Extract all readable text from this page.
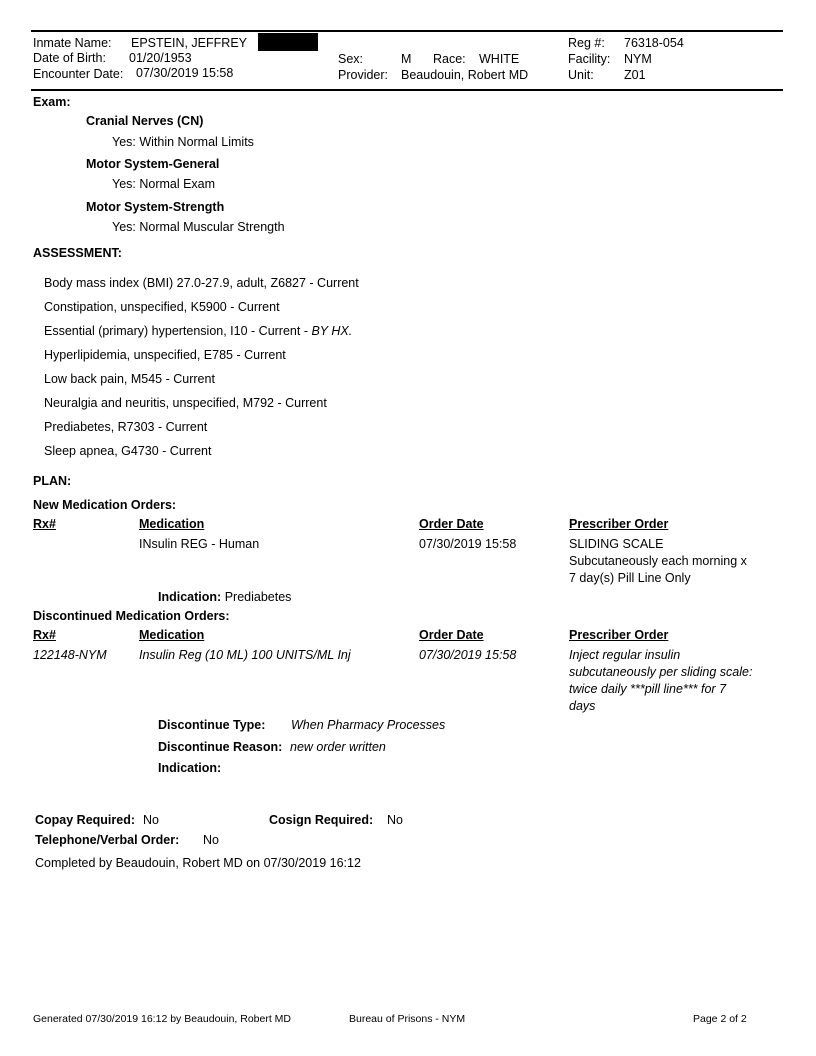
Inmate Name: EPSTEIN, JEFFREY
Date of Birth: 01/20/1953
Encounter Date: 07/30/2019 15:58
Sex:	M Race: WHITE
Provider: Beaudouin, Robert MD
Reg #: 76318-054
Facility: NYM
Unit: Z01
Exam:
Cranial Nerves (CN)
Yes: Within Normal Limits
Motor System-General
Yes: Normal Exam
Motor System-Strength
Yes: Normal Muscular Strength
ASSESSMENT:
Body mass index (BMI) 27.0-27.9, adult, Z6827 - Current
Constipation, unspecified, K5900 - Current
Essential (primary) hypertension, I10 - Current - BY HX.
Hyperlipidemia, unspecified, E785 - Current
Low back pain, M545 - Current
Neuralgia and neuritis, unspecified, M792 - Current
Prediabetes, R7303 - Current
Sleep apnea, G4730 - Current
PLAN:
New Medication Orders:
Rx#	Medication	Order Date	Prescriber Order
INsulin REG - Human	07/30/2019 15:58	SLIDING SCALE
Subcutaneously each morning x
7 day(s) Pill Line Only
Indication: Prediabetes
Discontinued Medication Orders:
Rx#	Medication	Order Date	Prescriber Order
122148-NYM	Insulin Reg (10 ML) 100 UNITS/ML Inj	07/30/2019 15:58	Inject regular insulin
subcutaneously per sliding scale:
twice daily ***pill line*** for 7
days
Discontinue Type: When Pharmacy Processes
Discontinue Reason: new order written
Indication:
Copay Required: No	Cosign Required: No
Telephone/Verbal Order: No
Completed by Beaudouin, Robert MD on 07/30/2019 16:12
Generated 07/30/2019 16:12 by Beaudouin, Robert MD	Bureau of Prisons - NYM	Page 2 of 2
